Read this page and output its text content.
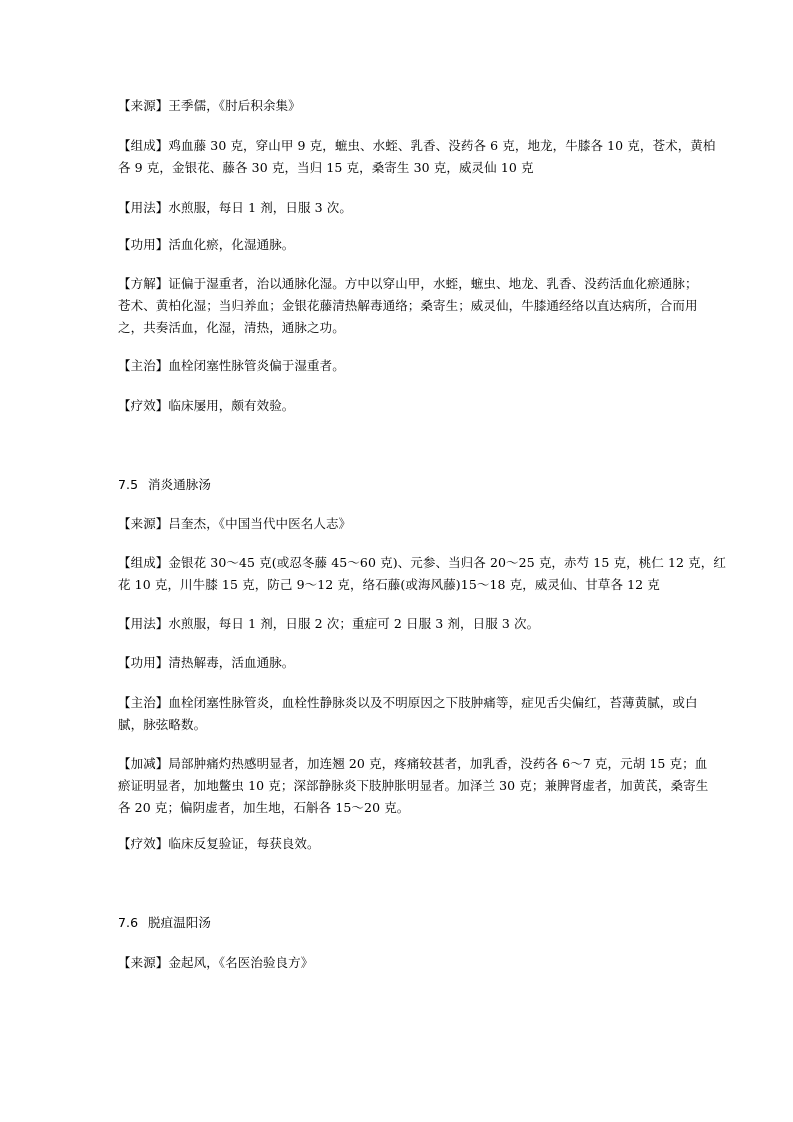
【来源】王季儒，《肘后积余集》
【组成】鸡血藤 30 克，穿山甲 9 克，蟅虫、水蛭、乳香、没药各 6 克，地龙，牛膝各 10 克，苍术，黄柏
各 9 克，金银花、藤各 30 克，当归 15 克，桑寄生 30 克，威灵仙 10 克
【用法】水煎服，每日 1 剂，日服 3 次。
【功用】活血化瘀，化湿通脉。
【方解】证偏于湿重者，治以通脉化湿。方中以穿山甲，水蛭，蟅虫、地龙、乳香、没药活血化瘀通脉；
苍术、黄柏化湿；当归养血；金银花藤清热解毒通络；桑寄生；威灵仙，牛膝通经络以直达病所，合而用
之，共奏活血，化湿，清热，通脉之功。
【主治】血栓闭塞性脉管炎偏于湿重者。
【疗效】临床屡用，颇有效验。
7.5 消炎通脉汤
【来源】吕奎杰，《中国当代中医名人志》
【组成】金银花 30～45 克(或忍冬藤 45～60 克)、元参、当归各 20～25 克，赤芍 15 克，桃仁 12 克，红
花 10 克，川牛膝 15 克，防己 9～12 克，络石藤(或海风藤)15～18 克，威灵仙、甘草各 12 克
【用法】水煎服，每日 1 剂，日服 2 次；重症可 2 日服 3 剂，日服 3 次。
【功用】清热解毒，活血通脉。
【主治】血栓闭塞性脉管炎，血栓性静脉炎以及不明原因之下肢肿痛等，症见舌尖偏红，苔薄黄腻，或白
腻，脉弦略数。
【加减】局部肿痛灼热感明显者，加连翘 20 克，疼痛较甚者，加乳香，没药各 6～7 克，元胡 15 克；血
瘀证明显者，加地鳖虫 10 克；深部静脉炎下肢肿胀明显者。加泽兰 30 克；兼脾肾虚者，加黄芪，桑寄生
各 20 克；偏阴虚者，加生地，石斛各 15～20 克。
【疗效】临床反复验证，每获良效。
7.6 脱疽温阳汤
【来源】金起风，《名医治验良方》
